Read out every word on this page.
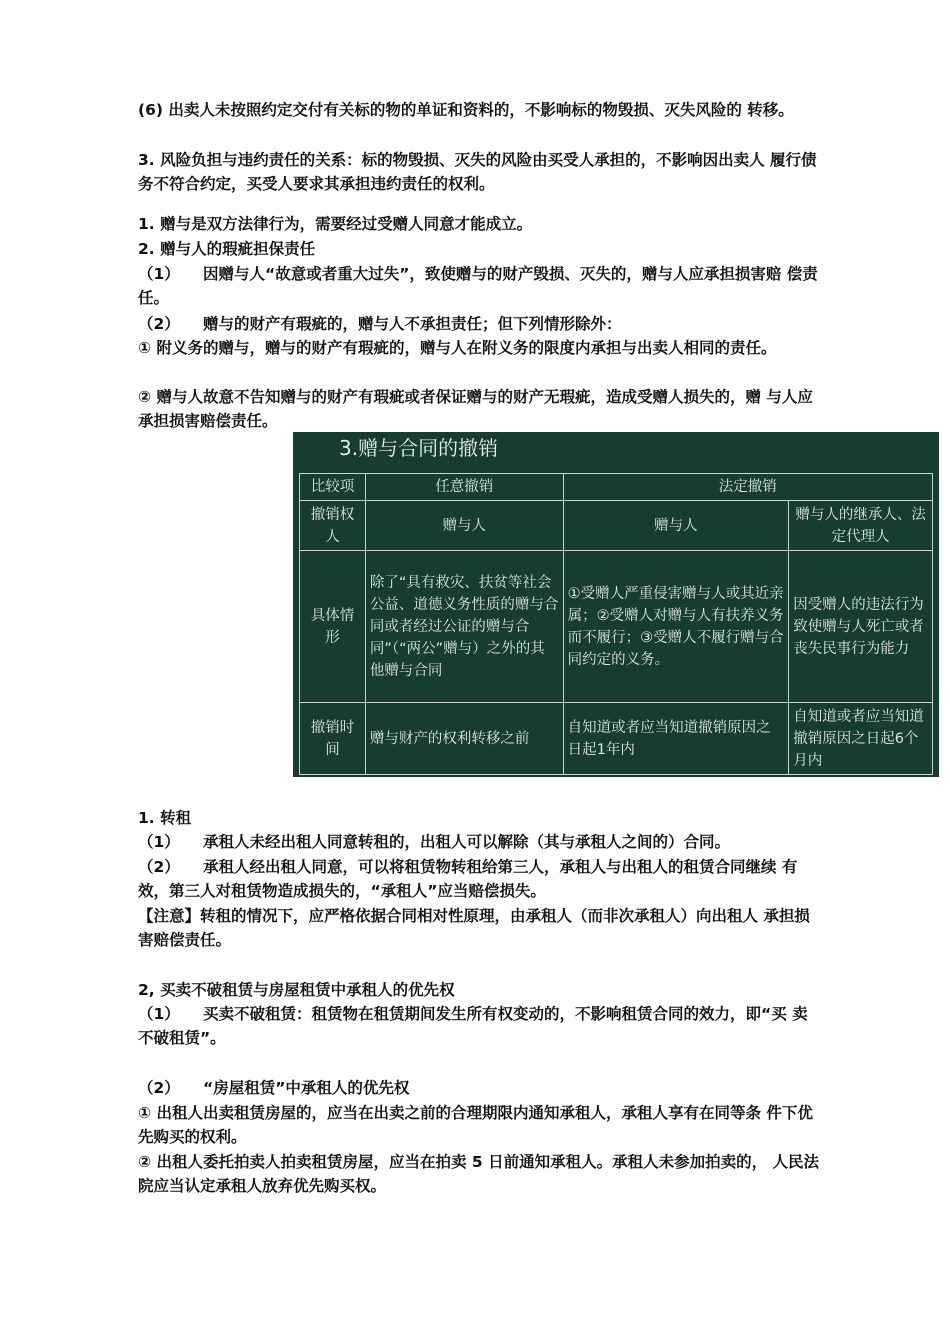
(6) 出卖人未按照约定交付有关标的物的单证和资料的，不影响标的物毁损、灭失风险的 转移。

3. 风险负担与违约责任的关系：标的物毁损、灭失的风险由买受人承担的，不影响因出卖人 履行债务不符合约定，买受人要求其承担违约责任的权利。

1. 赠与是双方法律行为，需要经过受赠人同意才能成立。

2. 赠与人的瑕疵担保责任

（1）　　因赠与人“故意或者重大过失”，致使赠与的财产毁损、灭失的，赠与人应承担损害赔 偿责任。

（2）　　赠与的财产有瑕疵的，赠与人不承担责任；但下列情形除外：

① 附义务的赠与，赠与的财产有瑕疵的，赠与人在附义务的限度内承担与出卖人相同的责任。

② 赠与人故意不告知赠与的财产有瑕疵或者保证赠与的财产无瑕疵，造成受赠人损失的，赠 与人应承担损害赔偿责任。

3.赠与合同的撤销
比较项	任意撤销	法定撤销	
撤销权人	赠与人	赠与人	赠与人的继承人、法定代理人
具体情形	除了“具有救灾、扶贫等社会公益、道德义务性质的赠与合同或者经过公证的赠与合同”（“两公”赠与）之外的其他赠与合同	①受赠人严重侵害赠与人或其近亲属；②受赠人对赠与人有扶养义务而不履行；③受赠人不履行赠与合同约定的义务。	因受赠人的违法行为致使赠与人死亡或者丧失民事行为能力
撤销时间	赠与财产的权利转移之前	自知道或者应当知道撤销原因之日起1年内	自知道或者应当知道撤销原因之日起6个月内

1. 转租

（1）　　承租人未经出租人同意转租的，出租人可以解除（其与承租人之间的）合同。

（2）　　承租人经出租人同意，可以将租赁物转租给第三人，承租人与出租人的租赁合同继续 有效，第三人对租赁物造成损失的，“承租人”应当赔偿损失。

【注意】转租的情况下，应严格依据合同相对性原理，由承租人（而非次承租人）向出租人 承担损害赔偿责任。

2, 买卖不破租赁与房屋租赁中承租人的优先权

（1）　　买卖不破租赁：租赁物在租赁期间发生所有权变动的，不影响租赁合同的效力，即“买 卖不破租赁”。

（2）　　“房屋租赁”中承租人的优先权

① 出租人出卖租赁房屋的，应当在出卖之前的合理期限内通知承租人，承租人享有在同等条 件下优先购买的权利。

② 出租人委托拍卖人拍卖租赁房屋，应当在拍卖 5 日前通知承租人。承租人未参加拍卖的， 人民法院应当认定承租人放弃优先购买权。
